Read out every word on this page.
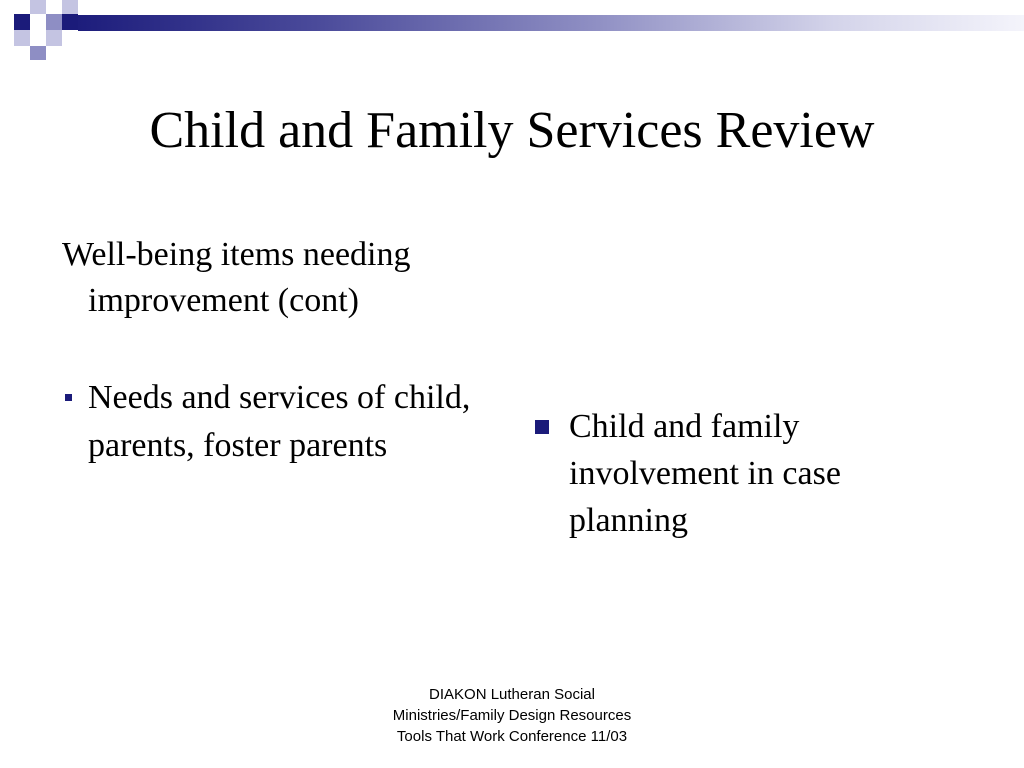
Child and Family Services Review

Well-being items needing improvement (cont)

Needs and services of child, parents, foster parents
Child and family involvement in case planning
DIAKON Lutheran Social
Ministries/Family Design Resources
Tools That Work Conference 11/03
